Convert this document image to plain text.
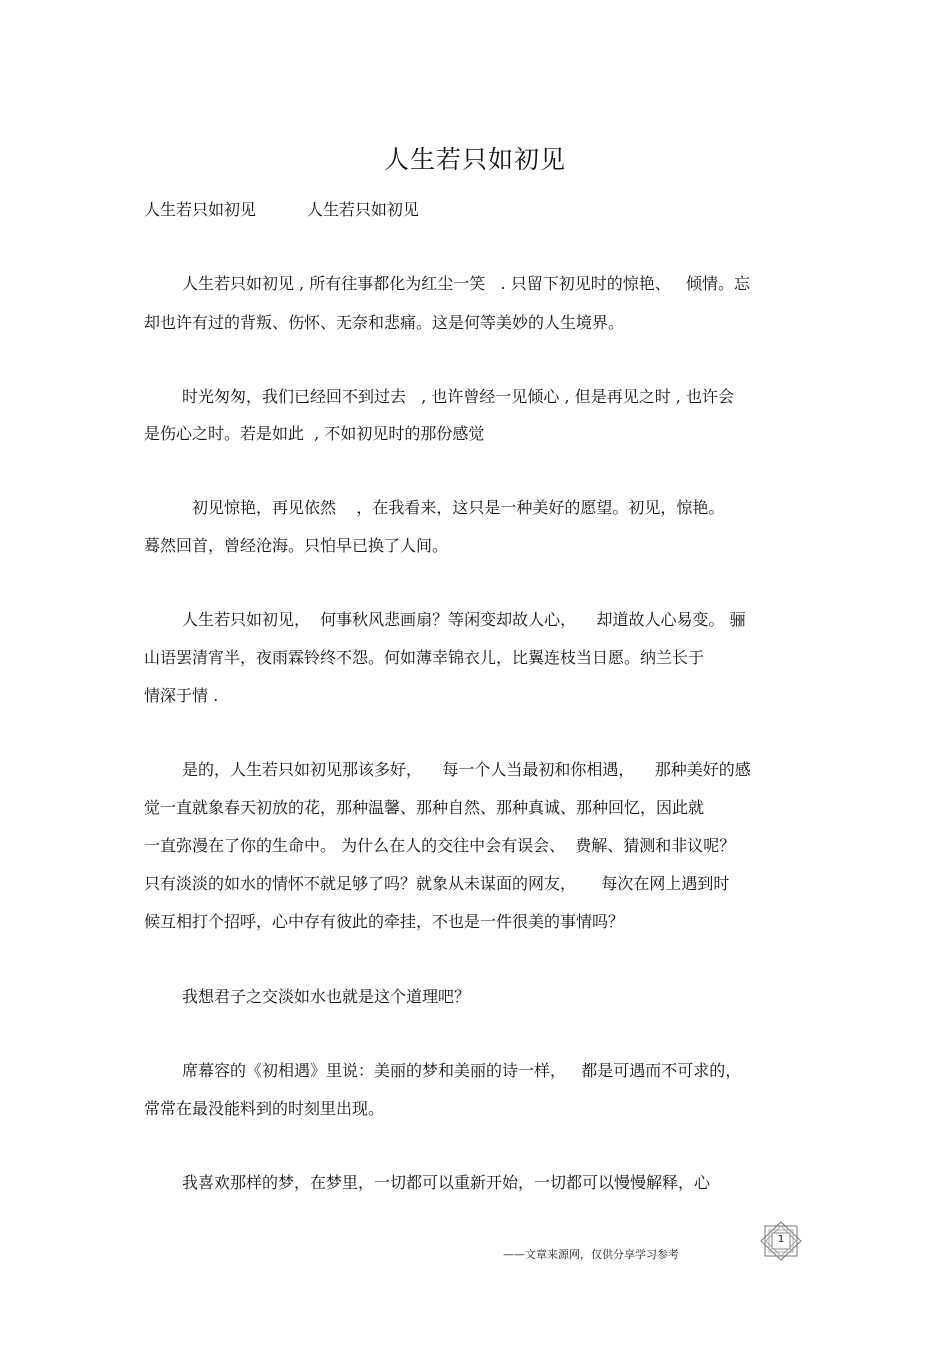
人生若只如初见
人生若只如初见          人生若只如初见
人生若只如初见 , 所有往事都化为红尘一笑   . 只留下初见时的惊艳、   倾情。忘
却也许有过的背叛、伤怀、无奈和悲痛。这是何等美妙的人生境界。
时光匆匆，我们已经回不到过去   , 也许曾经一见倾心 , 但是再见之时 , 也许会
是伤心之时。若是如此  , 不如初见时的那份感觉
初见惊艳，再见依然    ，在我看来，这只是一种美好的愿望。初见，惊艳。
蓦然回首，曾经沧海。只怕早已换了人间。
人生若只如初见，  何事秋风悲画扇？等闲变却故人心，    却道故人心易变。 骊
山语罢清宵半，夜雨霖铃终不怨。何如薄幸锦衣儿，比翼连枝当日愿。纳兰长于
情深于情 .
是的，人生若只如初见那该多好，    每一个人当最初和你相遇，    那种美好的感
觉一直就象春天初放的花，那种温馨、那种自然、那种真诚、那种回忆，因此就
一直弥漫在了你的生命中。 为什么在人的交往中会有误会、  费解、猜测和非议呢？
只有淡淡的如水的情怀不就足够了吗？就象从未谋面的网友，     每次在网上遇到时
候互相打个招呼，心中存有彼此的牵挂，不也是一件很美的事情吗？
我想君子之交淡如水也就是这个道理吧？
席幕容的《初相遇》里说：美丽的梦和美丽的诗一样，   都是可遇而不可求的，
常常在最没能料到的时刻里出现。
我喜欢那样的梦，在梦里，一切都可以重新开始，一切都可以慢慢解释，心
——文章来源网，仅供分享学习参考
1
